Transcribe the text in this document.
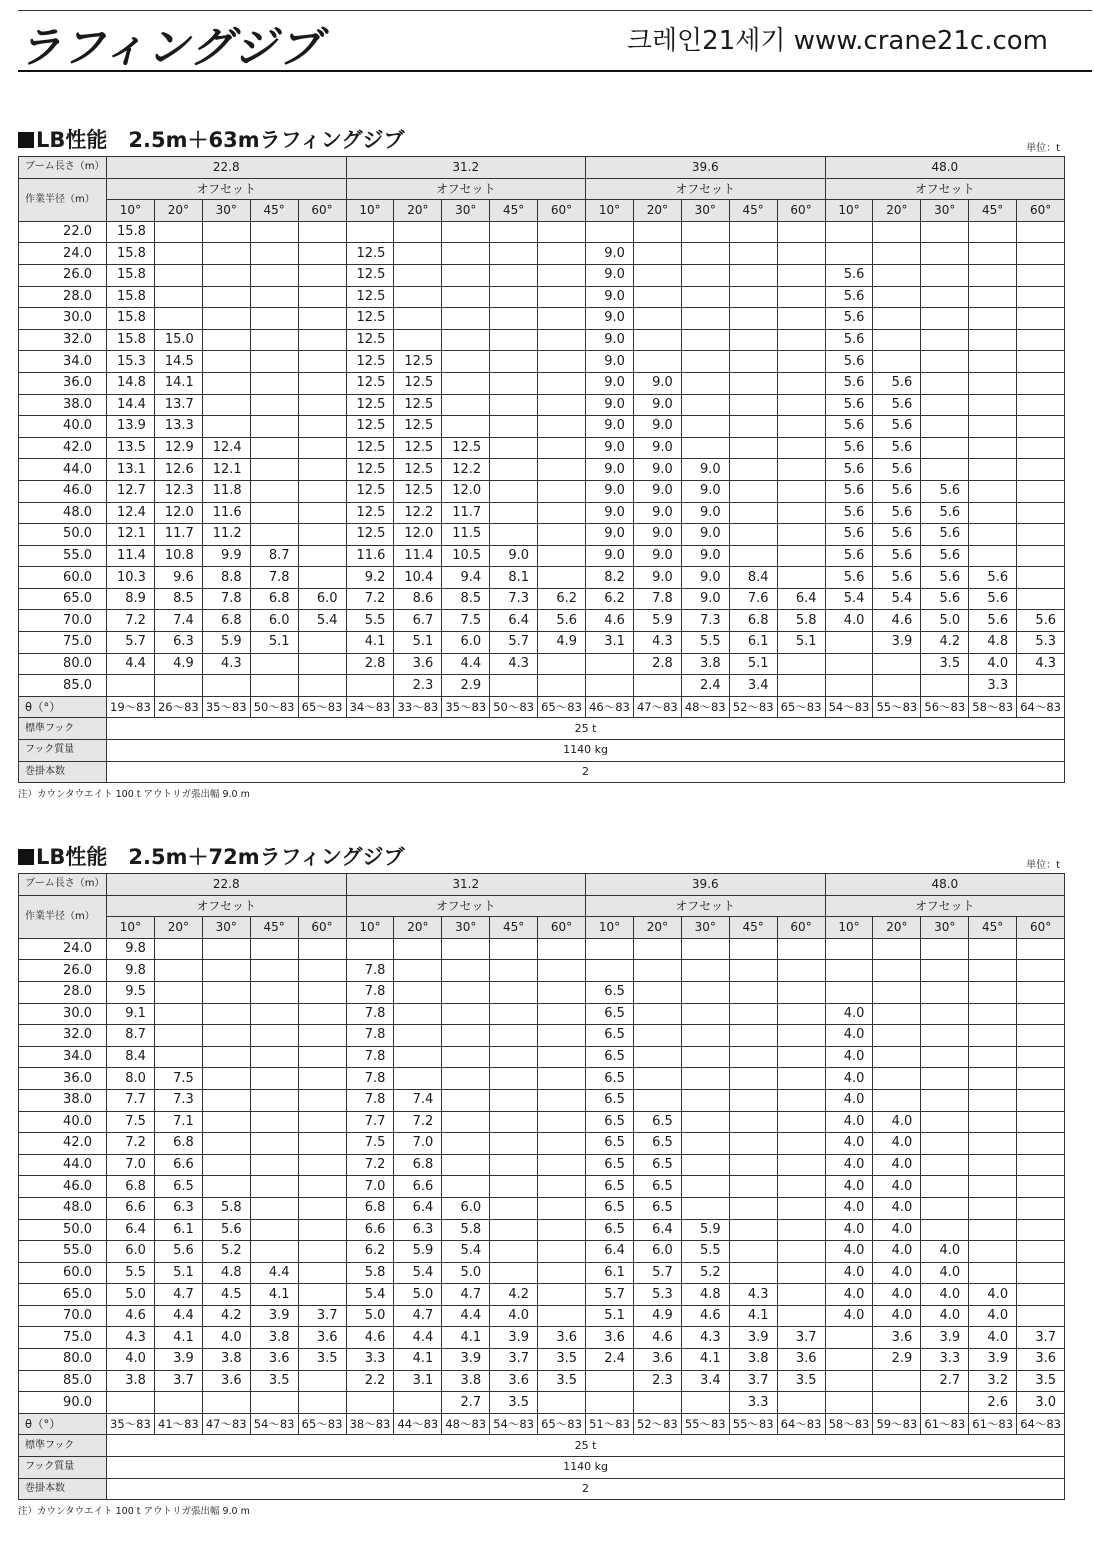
ラフィングジブ	크레인21세기 www.crane21c.com
LB性能　2.5m＋63mラフィングジブ	単位：t
ブーム長さ（m）	22.8					31.2					39.6					48.0				
作業半径（m）	オフセット					オフセット					オフセット					オフセット				
	10°	20°	30°	45°	60°	10°	20°	30°	45°	60°	10°	20°	30°	45°	60°	10°	20°	30°	45°	60°
22.0	15.8																			
24.0	15.8					12.5					9.0									
26.0	15.8					12.5					9.0					5.6				
28.0	15.8					12.5					9.0					5.6				
30.0	15.8					12.5					9.0					5.6				
32.0	15.8	15.0				12.5					9.0					5.6				
34.0	15.3	14.5				12.5	12.5				9.0					5.6				
36.0	14.8	14.1				12.5	12.5				9.0	9.0				5.6	5.6			
38.0	14.4	13.7				12.5	12.5				9.0	9.0				5.6	5.6			
40.0	13.9	13.3				12.5	12.5				9.0	9.0				5.6	5.6			
42.0	13.5	12.9	12.4			12.5	12.5	12.5			9.0	9.0				5.6	5.6			
44.0	13.1	12.6	12.1			12.5	12.5	12.2			9.0	9.0	9.0			5.6	5.6			
46.0	12.7	12.3	11.8			12.5	12.5	12.0			9.0	9.0	9.0			5.6	5.6	5.6		
48.0	12.4	12.0	11.6			12.5	12.2	11.7			9.0	9.0	9.0			5.6	5.6	5.6		
50.0	12.1	11.7	11.2			12.5	12.0	11.5			9.0	9.0	9.0			5.6	5.6	5.6		
55.0	11.4	10.8	9.9	8.7		11.6	11.4	10.5	9.0		9.0	9.0	9.0			5.6	5.6	5.6		
60.0	10.3	9.6	8.8	7.8		9.2	10.4	9.4	8.1		8.2	9.0	9.0	8.4		5.6	5.6	5.6	5.6	
65.0	8.9	8.5	7.8	6.8	6.0	7.2	8.6	8.5	7.3	6.2	6.2	7.8	9.0	7.6	6.4	5.4	5.4	5.6	5.6	
70.0	7.2	7.4	6.8	6.0	5.4	5.5	6.7	7.5	6.4	5.6	4.6	5.9	7.3	6.8	5.8	4.0	4.6	5.0	5.6	5.6
75.0	5.7	6.3	5.9	5.1		4.1	5.1	6.0	5.7	4.9	3.1	4.3	5.5	6.1	5.1		3.9	4.2	4.8	5.3
80.0	4.4	4.9	4.3			2.8	3.6	4.4	4.3			2.8	3.8	5.1				3.5	4.0	4.3
85.0							2.3	2.9					2.4	3.4					3.3	
θ（°）	19〜83	26〜83	35〜83	50〜83	65〜83	34〜83	33〜83	35〜83	50〜83	65〜83	46〜83	47〜83	48〜83	52〜83	65〜83	54〜83	55〜83	56〜83	58〜83	64〜83
標準フック	25 t																			
フック質量	1140 kg																			
巻掛本数	2																			
注）カウンタウエイト 100 t アウトリガ張出幅 9.0 m
LB性能　2.5m＋72mラフィングジブ	単位：t
ブーム長さ（m）	22.8					31.2					39.6					48.0				
作業半径（m）	オフセット					オフセット					オフセット					オフセット				
	10°	20°	30°	45°	60°	10°	20°	30°	45°	60°	10°	20°	30°	45°	60°	10°	20°	30°	45°	60°
24.0	9.8																			
26.0	9.8					7.8														
28.0	9.5					7.8					6.5									
30.0	9.1					7.8					6.5					4.0				
32.0	8.7					7.8					6.5					4.0				
34.0	8.4					7.8					6.5					4.0				
36.0	8.0	7.5				7.8					6.5					4.0				
38.0	7.7	7.3				7.8	7.4				6.5					4.0				
40.0	7.5	7.1				7.7	7.2				6.5	6.5				4.0	4.0			
42.0	7.2	6.8				7.5	7.0				6.5	6.5				4.0	4.0			
44.0	7.0	6.6				7.2	6.8				6.5	6.5				4.0	4.0			
46.0	6.8	6.5				7.0	6.6				6.5	6.5				4.0	4.0			
48.0	6.6	6.3	5.8			6.8	6.4	6.0			6.5	6.5				4.0	4.0			
50.0	6.4	6.1	5.6			6.6	6.3	5.8			6.5	6.4	5.9			4.0	4.0			
55.0	6.0	5.6	5.2			6.2	5.9	5.4			6.4	6.0	5.5			4.0	4.0	4.0		
60.0	5.5	5.1	4.8	4.4		5.8	5.4	5.0			6.1	5.7	5.2			4.0	4.0	4.0		
65.0	5.0	4.7	4.5	4.1		5.4	5.0	4.7	4.2		5.7	5.3	4.8	4.3		4.0	4.0	4.0	4.0	
70.0	4.6	4.4	4.2	3.9	3.7	5.0	4.7	4.4	4.0		5.1	4.9	4.6	4.1		4.0	4.0	4.0	4.0	
75.0	4.3	4.1	4.0	3.8	3.6	4.6	4.4	4.1	3.9	3.6	3.6	4.6	4.3	3.9	3.7		3.6	3.9	4.0	3.7
80.0	4.0	3.9	3.8	3.6	3.5	3.3	4.1	3.9	3.7	3.5	2.4	3.6	4.1	3.8	3.6		2.9	3.3	3.9	3.6
85.0	3.8	3.7	3.6	3.5		2.2	3.1	3.8	3.6	3.5		2.3	3.4	3.7	3.5			2.7	3.2	3.5
90.0								2.7	3.5					3.3					2.6	3.0
θ（°）	35〜83	41〜83	47〜83	54〜83	65〜83	38〜83	44〜83	48〜83	54〜83	65〜83	51〜83	52〜83	55〜83	55〜83	64〜83	58〜83	59〜83	61〜83	61〜83	64〜83
標準フック	25 t																			
フック質量	1140 kg																			
巻掛本数	2																			
注）カウンタウエイト 100 t アウトリガ張出幅 9.0 m
